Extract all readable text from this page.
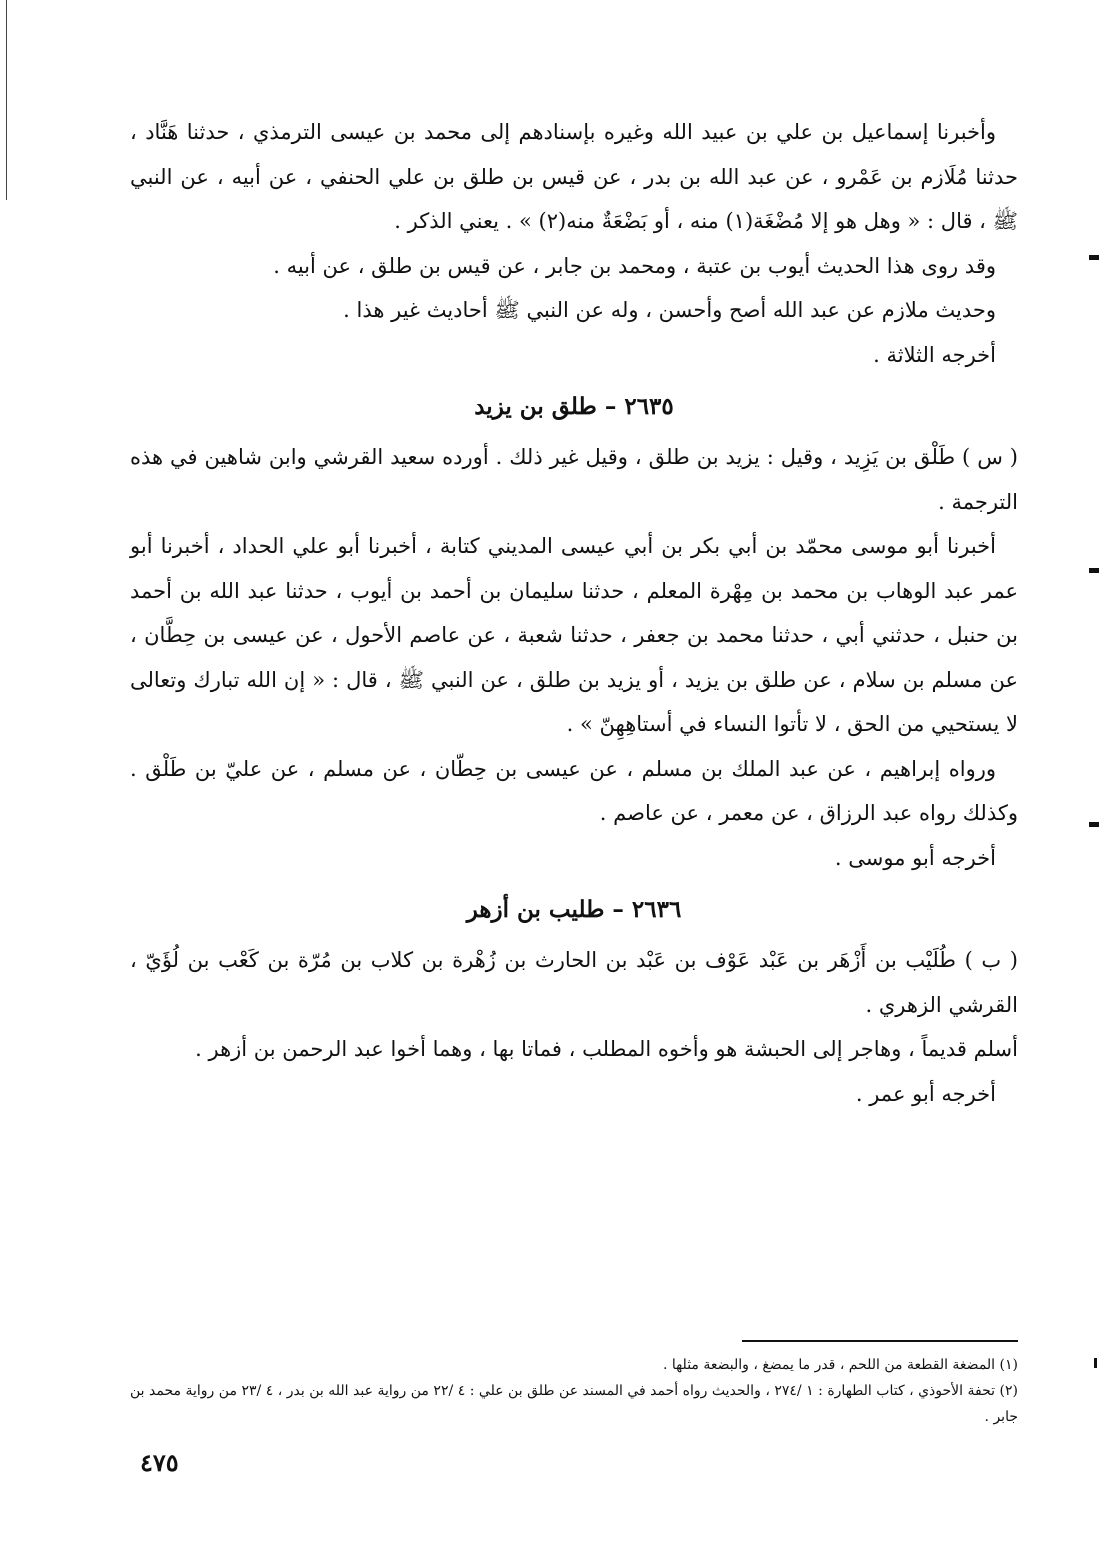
وأخبرنا إسماعيل بن علي بن عبيد الله وغيره بإسنادهم إلى محمد بن عيسى الترمذي ، حدثنا هَنَّاد ، حدثنا مُلَازم بن عَمْرو ، عن عبد الله بن بدر ، عن قيس بن طلق بن علي الحنفي ، عن أبيه ، عن النبي ﷺ ، قال : « وهل هو إلا مُضْغَة(١) منه ، أو بَضْعَةٌ منه(٢) » . يعني الذكر .

وقد روى هذا الحديث أيوب بن عتبة ، ومحمد بن جابر ، عن قيس بن طلق ، عن أبيه .

وحديث ملازم عن عبد الله أصح وأحسن ، وله عن النبي ﷺ أحاديث غير هذا .

أخرجه الثلاثة .

٢٦٣٥ – طلق بن يزيد

( س ) طَلْق بن يَزِيد ، وقيل : يزيد بن طلق ، وقيل غير ذلك . أورده سعيد القرشي وابن شاهين في هذه الترجمة .

أخبرنا أبو موسى محمّد بن أبي بكر بن أبي عيسى المديني كتابة ، أخبرنا أبو علي الحداد ، أخبرنا أبو عمر عبد الوهاب بن محمد بن مِهْرة المعلم ، حدثنا سليمان بن أحمد بن أيوب ، حدثنا عبد الله بن أحمد بن حنبل ، حدثني أبي ، حدثنا محمد بن جعفر ، حدثنا شعبة ، عن عاصم الأحول ، عن عيسى بن حِطَّان ، عن مسلم بن سلام ، عن طلق بن يزيد ، أو يزيد بن طلق ، عن النبي ﷺ ، قال : « إن الله تبارك وتعالى لا يستحيي من الحق ، لا تأتوا النساء في أستاهِهِنّ » .

ورواه إبراهيم ، عن عبد الملك بن مسلم ، عن عيسى بن حِطّان ، عن مسلم ، عن عليّ بن طَلْق . وكذلك رواه عبد الرزاق ، عن معمر ، عن عاصم .

أخرجه أبو موسى .

٢٦٣٦ – طليب بن أزهر

( ب ) طُلَيْب بن أَزْهَر بن عَبْد عَوْف بن عَبْد بن الحارث بن زُهْرة بن كلاب بن مُرّة بن كَعْب بن لُؤَيّ ، القرشي الزهري .

أسلم قديماً ، وهاجر إلى الحبشة هو وأخوه المطلب ، فماتا بها ، وهما أخوا عبد الرحمن بن أزهر .

أخرجه أبو عمر .

(١) المضغة القطعة من اللحم ، قدر ما يمضغ ، والبضعة مثلها .

(٢) تحفة الأحوذي ، كتاب الطهارة : ١ /٢٧٤ ، والحديث رواه أحمد في المسند عن طلق بن علي : ٤ /٢٢ من رواية عبد الله بن بدر ، ٤ /٢٣ من رواية محمد بن جابر .

٤٧٥
